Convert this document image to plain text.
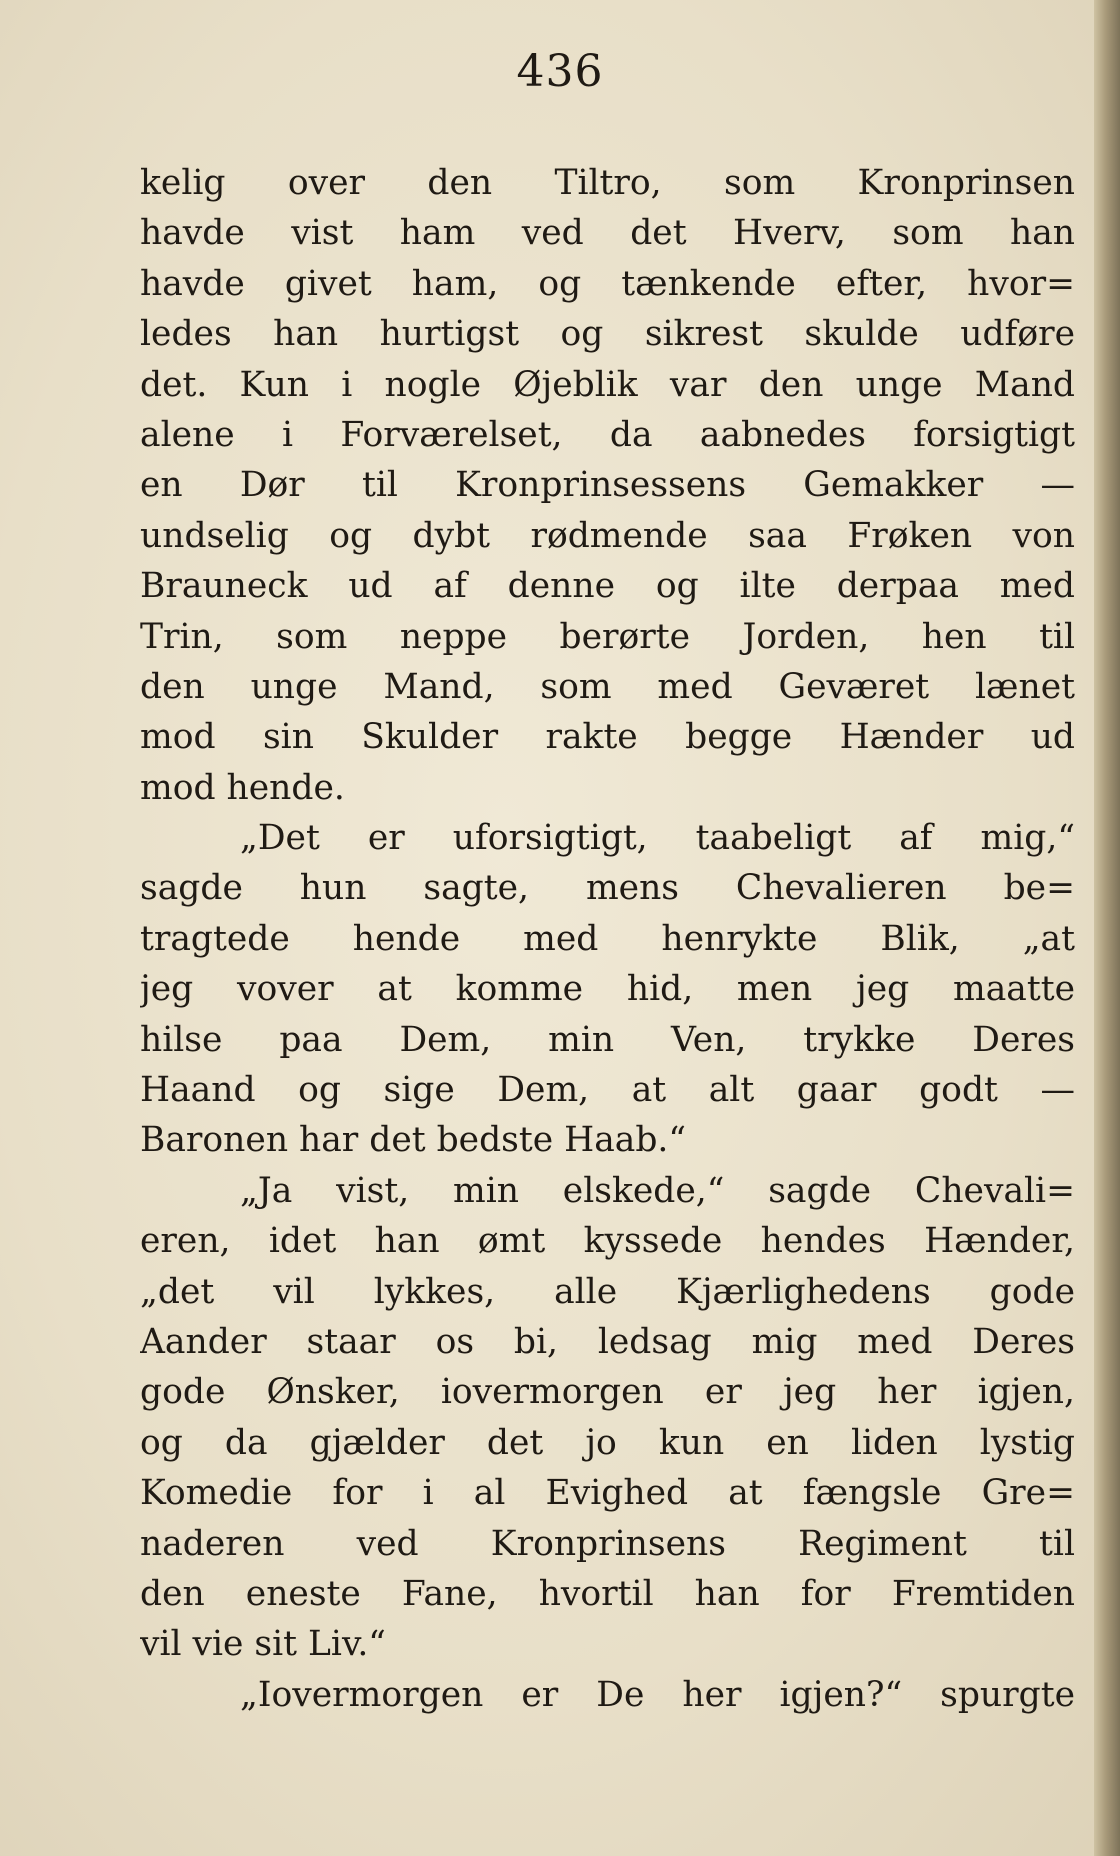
436
kelig over den Tiltro, som Kronprinsen
havde vist ham ved det Hverv, som han
havde givet ham, og tænkende efter, hvor=
ledes han hurtigst og sikrest skulde udføre
det. Kun i nogle Øjeblik var den unge Mand
alene i Forværelset, da aabnedes forsigtigt
en Dør til Kronprinsessens Gemakker —
undselig og dybt rødmende saa Frøken von
Brauneck ud af denne og ilte derpaa med
Trin, som neppe berørte Jorden, hen til
den unge Mand, som med Geværet lænet
mod sin Skulder rakte begge Hænder ud
mod hende.
„Det er uforsigtigt, taabeligt af mig,“
sagde hun sagte, mens Chevalieren be=
tragtede hende med henrykte Blik, „at
jeg vover at komme hid, men jeg maatte
hilse paa Dem, min Ven, trykke Deres
Haand og sige Dem, at alt gaar godt —
Baronen har det bedste Haab.“
„Ja vist, min elskede,“ sagde Chevali=
eren, idet han ømt kyssede hendes Hænder,
„det vil lykkes, alle Kjærlighedens gode
Aander staar os bi, ledsag mig med Deres
gode Ønsker, iovermorgen er jeg her igjen,
og da gjælder det jo kun en liden lystig
Komedie for i al Evighed at fængsle Gre=
naderen ved Kronprinsens Regiment til
den eneste Fane, hvortil han for Fremtiden
vil vie sit Liv.“
„Iovermorgen er De her igjen?“ spurgte
